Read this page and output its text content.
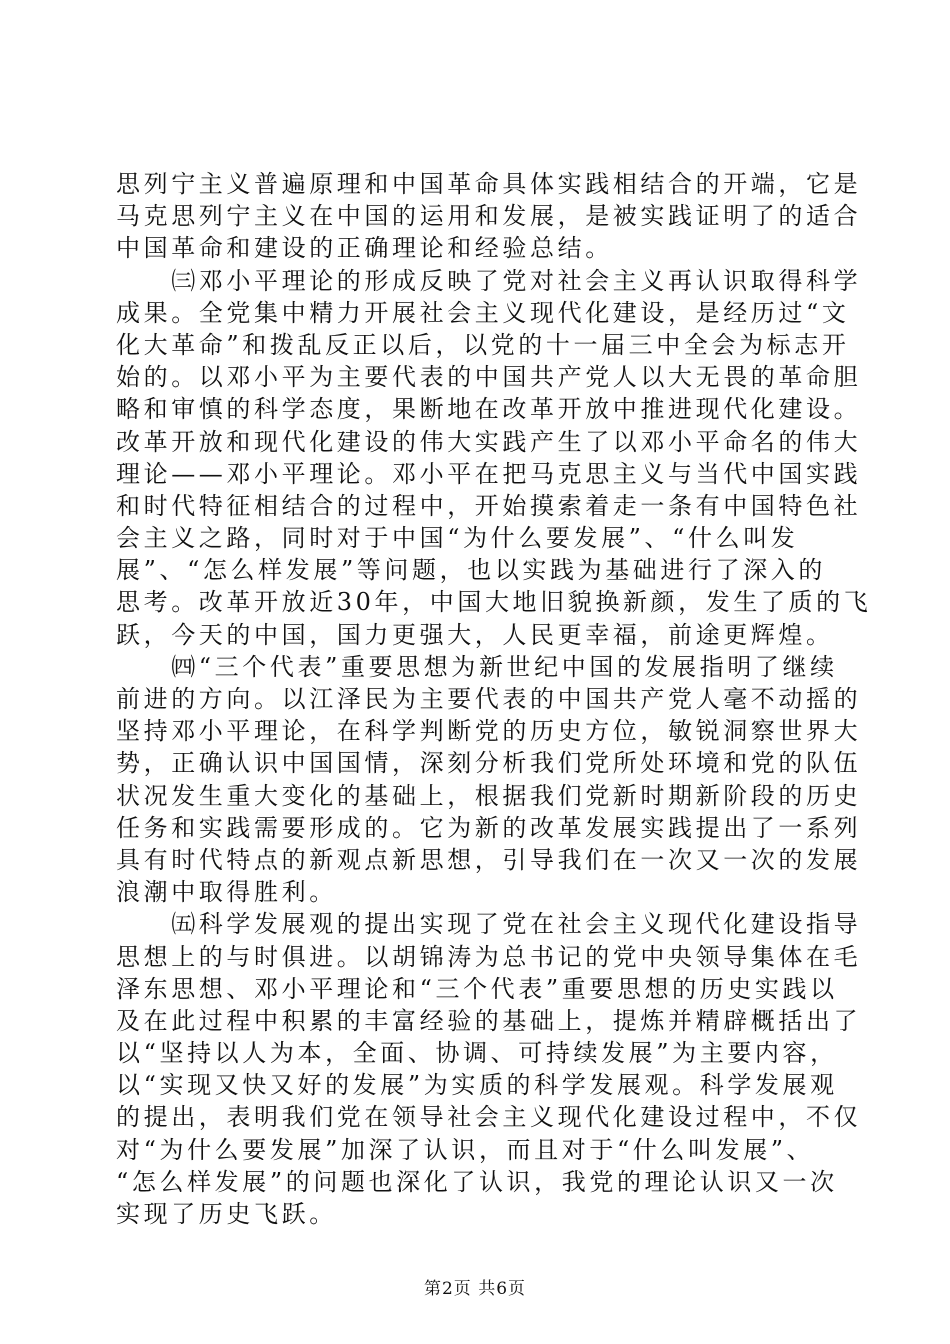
思列宁主义普遍原理和中国革命具体实践相结合的开端，它是
马克思列宁主义在中国的运用和发展，是被实践证明了的适合
中国革命和建设的正确理论和经验总结。
　　㈢邓小平理论的形成反映了党对社会主义再认识取得科学
成果。全党集中精力开展社会主义现代化建设，是经历过“文
化大革命”和拨乱反正以后，以党的十一届三中全会为标志开
始的。以邓小平为主要代表的中国共产党人以大无畏的革命胆
略和审慎的科学态度，果断地在改革开放中推进现代化建设。
改革开放和现代化建设的伟大实践产生了以邓小平命名的伟大
理论——邓小平理论。邓小平在把马克思主义与当代中国实践
和时代特征相结合的过程中，开始摸索着走一条有中国特色社
会主义之路，同时对于中国“为什么要发展”、“什么叫发
展”、“怎么样发展”等问题，也以实践为基础进行了深入的
思考。改革开放近30年，中国大地旧貌换新颜，发生了质的飞
跃，今天的中国，国力更强大，人民更幸福，前途更辉煌。
　　㈣“三个代表”重要思想为新世纪中国的发展指明了继续
前进的方向。以江泽民为主要代表的中国共产党人毫不动摇的
坚持邓小平理论，在科学判断党的历史方位，敏锐洞察世界大
势，正确认识中国国情，深刻分析我们党所处环境和党的队伍
状况发生重大变化的基础上，根据我们党新时期新阶段的历史
任务和实践需要形成的。它为新的改革发展实践提出了一系列
具有时代特点的新观点新思想，引导我们在一次又一次的发展
浪潮中取得胜利。
　　㈤科学发展观的提出实现了党在社会主义现代化建设指导
思想上的与时俱进。以胡锦涛为总书记的党中央领导集体在毛
泽东思想、邓小平理论和“三个代表”重要思想的历史实践以
及在此过程中积累的丰富经验的基础上，提炼并精辟概括出了
以“坚持以人为本，全面、协调、可持续发展”为主要内容，
以“实现又快又好的发展”为实质的科学发展观。科学发展观
的提出，表明我们党在领导社会主义现代化建设过程中，不仅
对“为什么要发展”加深了认识，而且对于“什么叫发展”、
“怎么样发展”的问题也深化了认识，我党的理论认识又一次
实现了历史飞跃。
第2页 共6页
